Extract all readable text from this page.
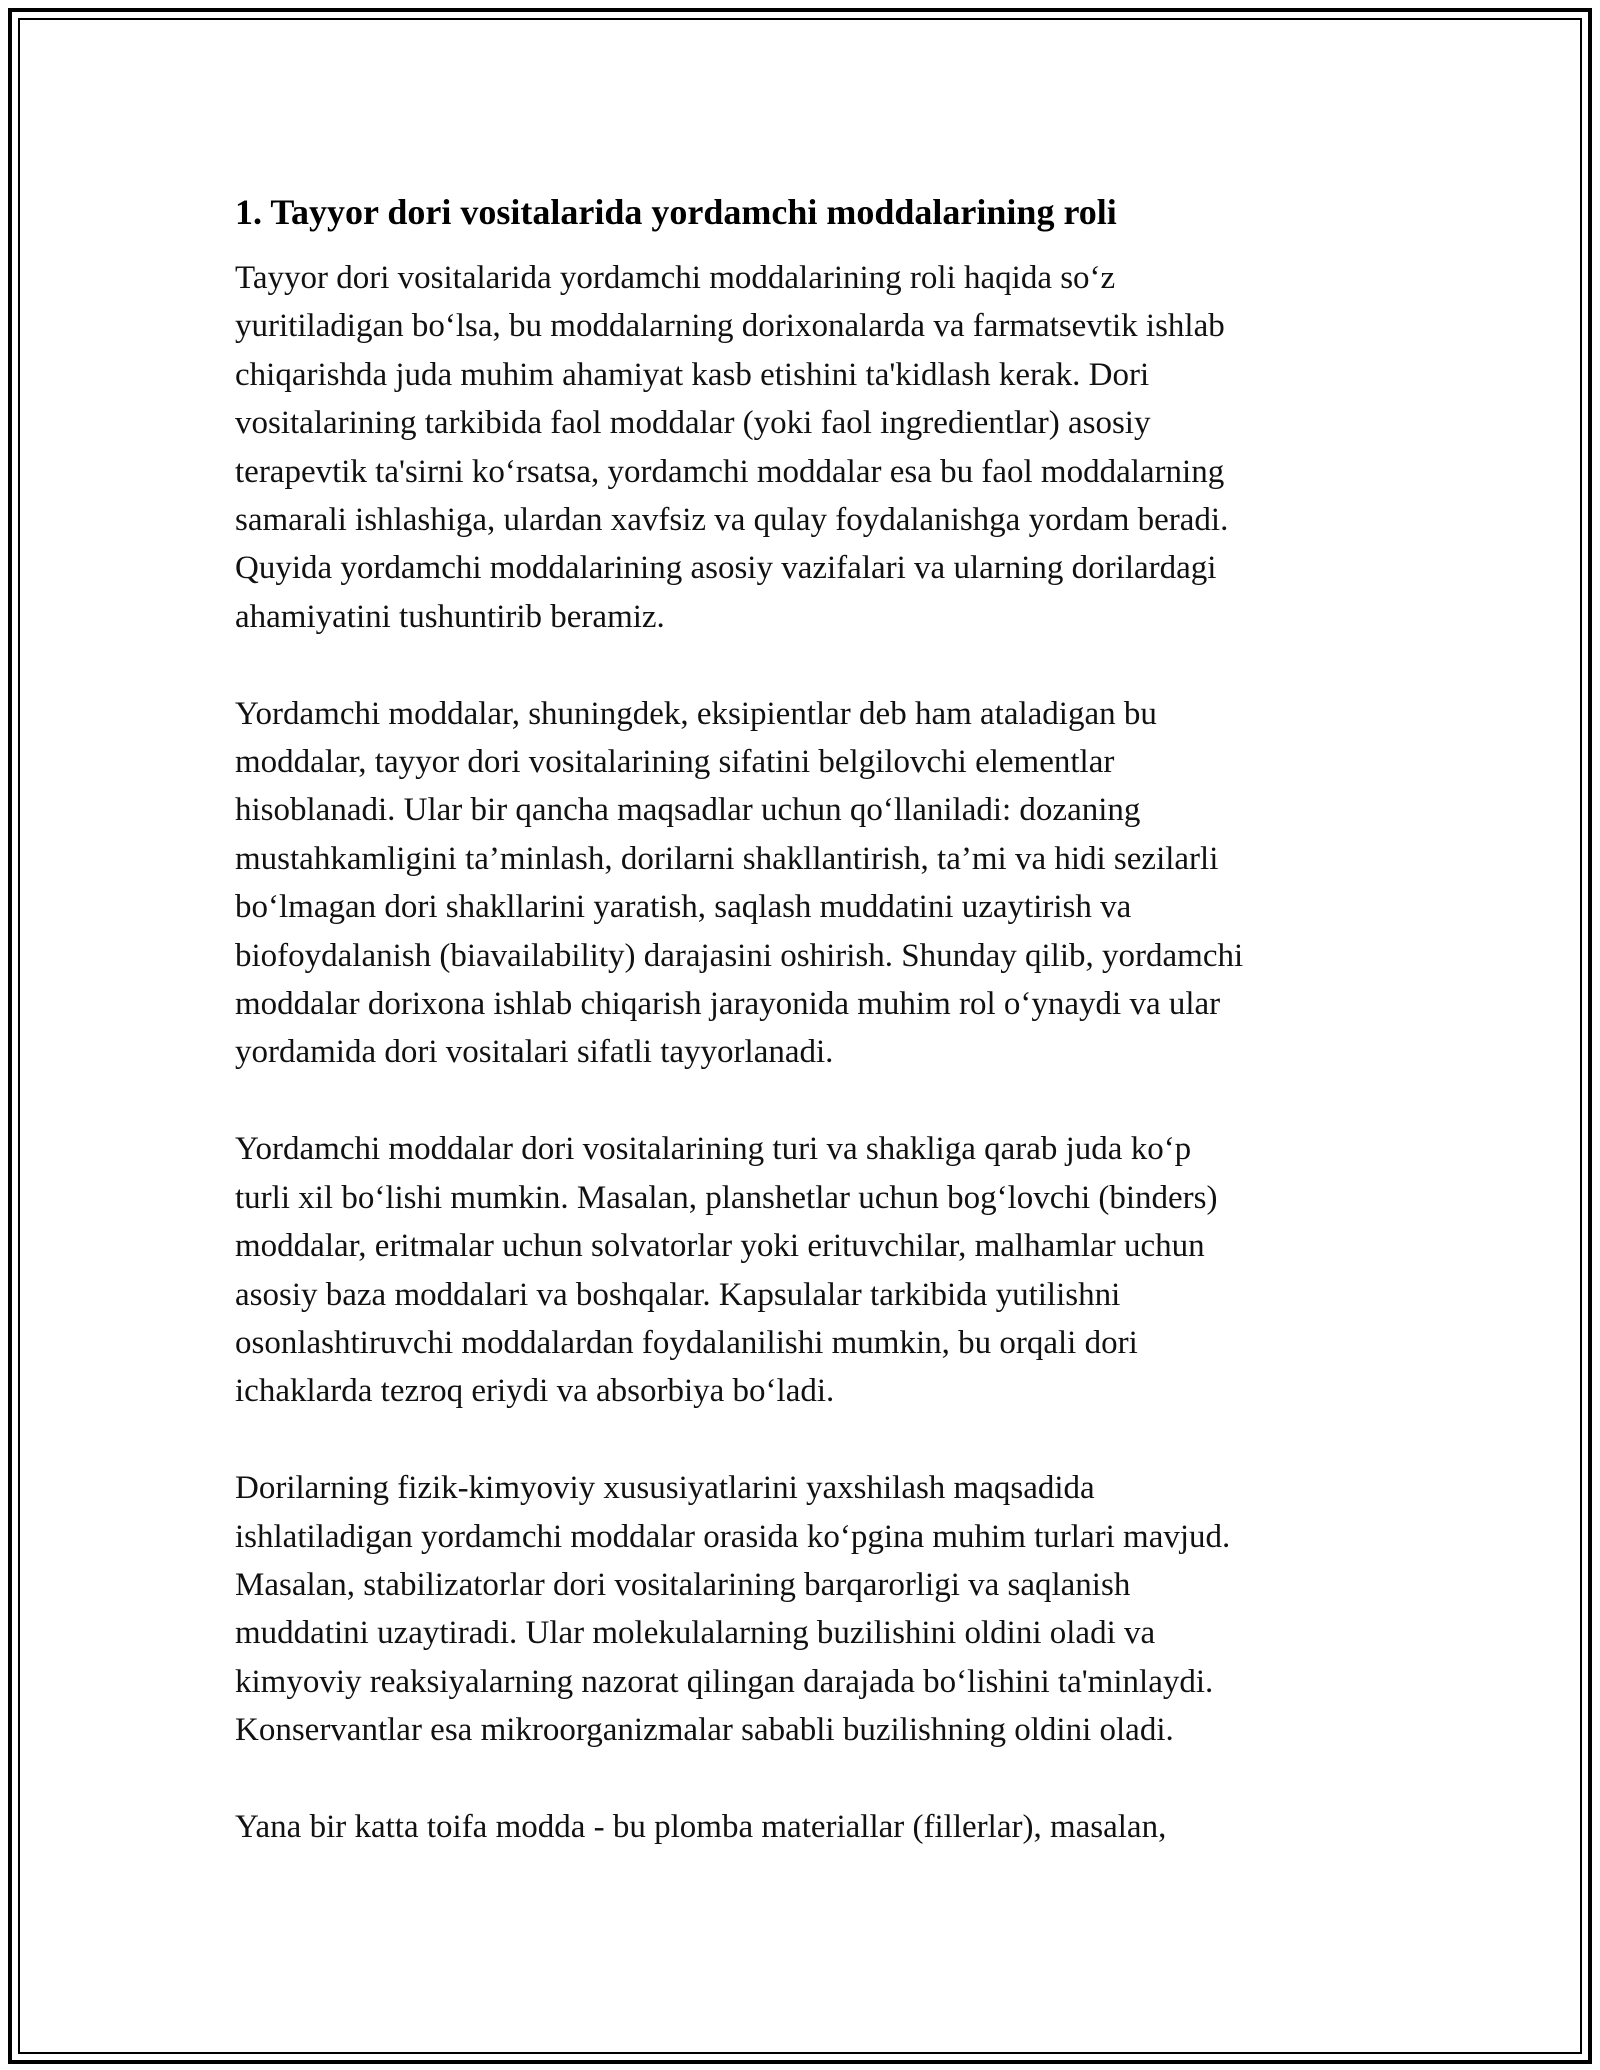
1. Tayyor dori vositalarida yordamchi moddalarining roli

Tayyor dori vositalarida yordamchi moddalarining roli haqida so‘z
yuritiladigan bo‘lsa, bu moddalarning dorixonalarda va farmatsevtik ishlab
chiqarishda juda muhim ahamiyat kasb etishini ta'kidlash kerak. Dori
vositalarining tarkibida faol moddalar (yoki faol ingredientlar) asosiy
terapevtik ta'sirni ko‘rsatsa, yordamchi moddalar esa bu faol moddalarning
samarali ishlashiga, ulardan xavfsiz va qulay foydalanishga yordam beradi.
Quyida yordamchi moddalarining asosiy vazifalari va ularning dorilardagi
ahamiyatini tushuntirib beramiz.

Yordamchi moddalar, shuningdek, eksipientlar deb ham ataladigan bu
moddalar, tayyor dori vositalarining sifatini belgilovchi elementlar
hisoblanadi. Ular bir qancha maqsadlar uchun qo‘llaniladi: dozaning
mustahkamligini ta’minlash, dorilarni shakllantirish, ta’mi va hidi sezilarli
bo‘lmagan dori shakllarini yaratish, saqlash muddatini uzaytirish va
biofoydalanish (biavailability) darajasini oshirish. Shunday qilib, yordamchi
moddalar dorixona ishlab chiqarish jarayonida muhim rol o‘ynaydi va ular
yordamida dori vositalari sifatli tayyorlanadi.

Yordamchi moddalar dori vositalarining turi va shakliga qarab juda ko‘p
turli xil bo‘lishi mumkin. Masalan, planshetlar uchun bog‘lovchi (binders)
moddalar, eritmalar uchun solvatorlar yoki erituvchilar, malhamlar uchun
asosiy baza moddalari va boshqalar. Kapsulalar tarkibida yutilishni
osonlashtiruvchi moddalardan foydalanilishi mumkin, bu orqali dori
ichaklarda tezroq eriydi va absorbiya bo‘ladi.

Dorilarning fizik-kimyoviy xususiyatlarini yaxshilash maqsadida
ishlatiladigan yordamchi moddalar orasida ko‘pgina muhim turlari mavjud.
Masalan, stabilizatorlar dori vositalarining barqarorligi va saqlanish
muddatini uzaytiradi. Ular molekulalarning buzilishini oldini oladi va
kimyoviy reaksiyalarning nazorat qilingan darajada bo‘lishini ta'minlaydi.
Konservantlar esa mikroorganizmalar sababli buzilishning oldini oladi.

Yana bir katta toifa modda - bu plomba materiallar (fillerlar), masalan,
